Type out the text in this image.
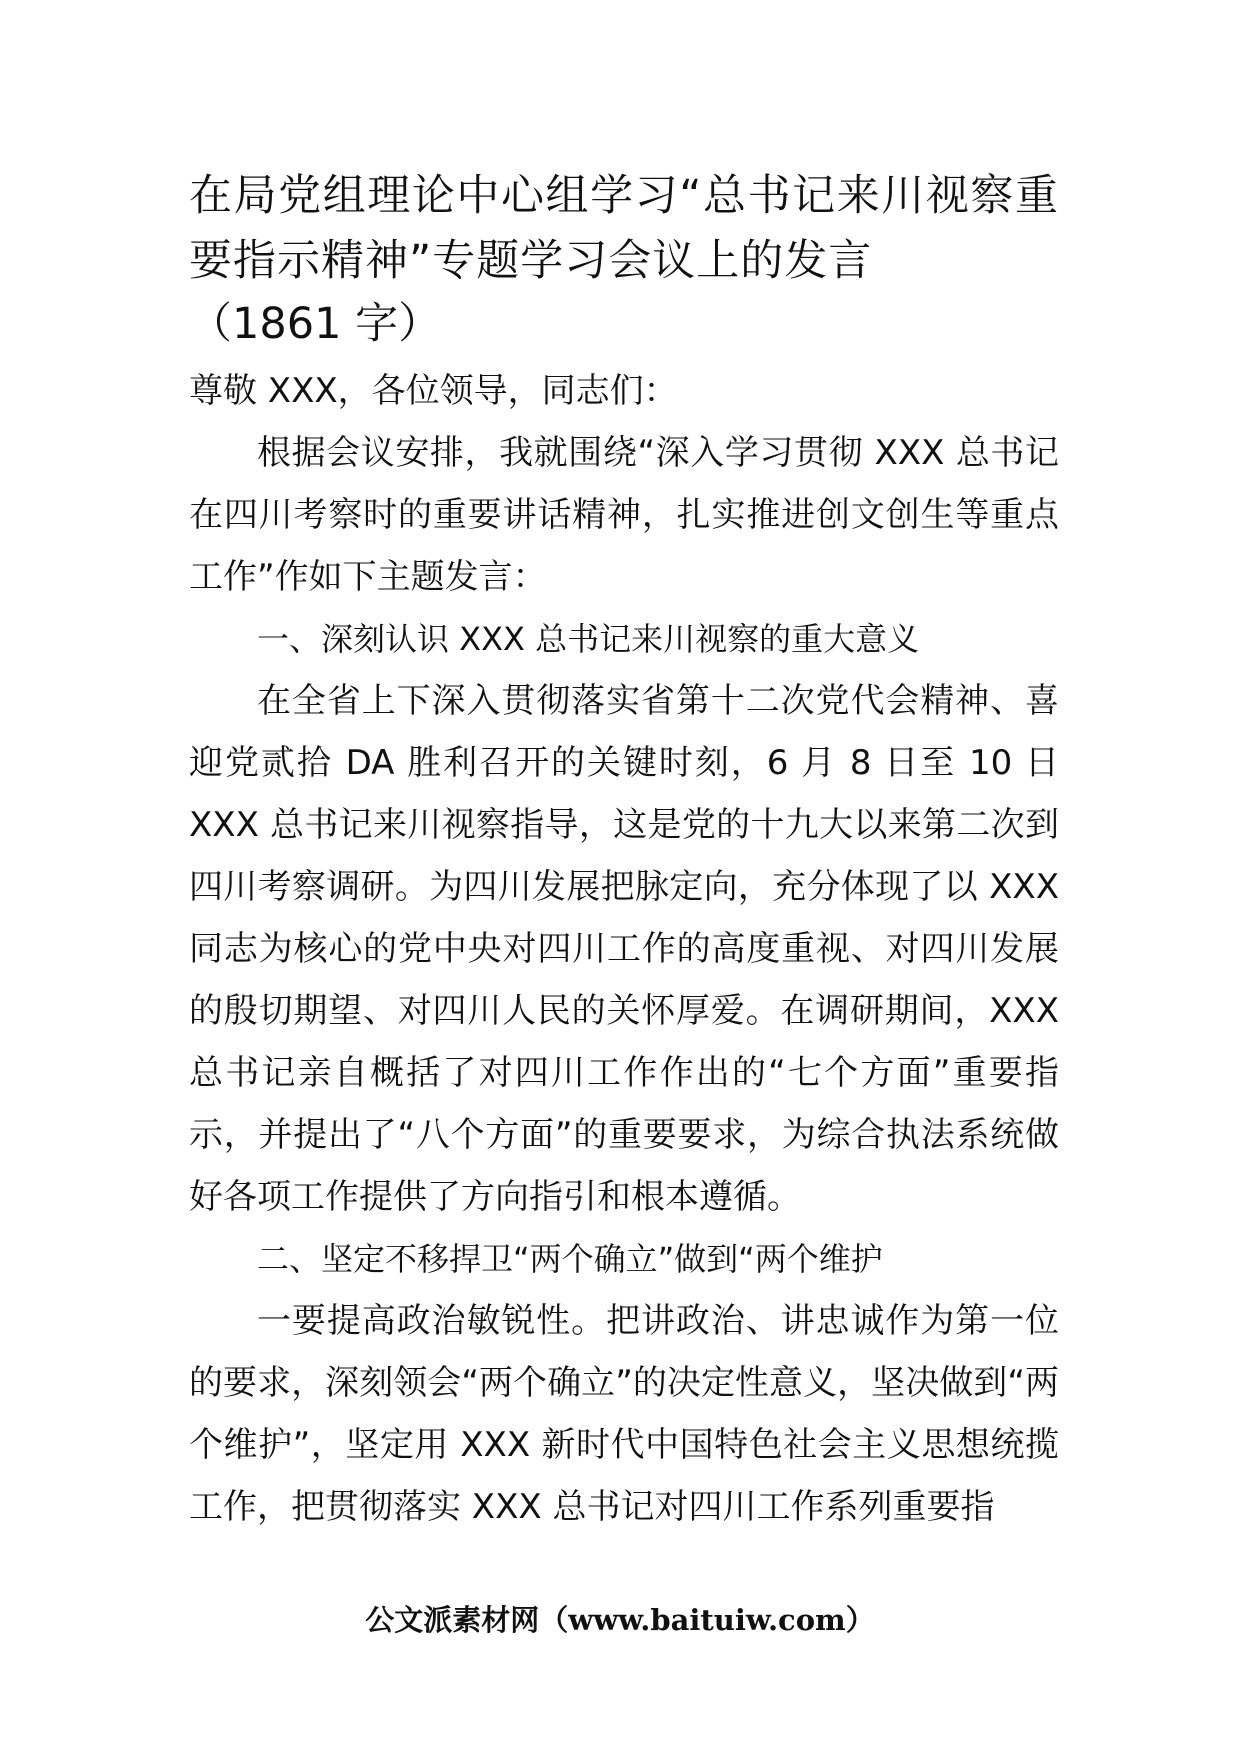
在局党组理论中心组学习“总书记来川视察重要指示精神”专题学习会议上的发言
（1861 字）

尊敬 XXX，各位领导，同志们：

根据会议安排，我就围绕“深入学习贯彻 XXX 总书记在四川考察时的重要讲话精神，扎实推进创文创生等重点工作”作如下主题发言：

一、深刻认识 XXX 总书记来川视察的重大意义

在全省上下深入贯彻落实省第十二次党代会精神、喜迎党贰拾 DA 胜利召开的关键时刻，6 月 8 日至 10 日 XXX 总书记来川视察指导，这是党的十九大以来第二次到四川考察调研。为四川发展把脉定向，充分体现了以 XXX 同志为核心的党中央对四川工作的高度重视、对四川发展的殷切期望、对四川人民的关怀厚爱。在调研期间，XXX 总书记亲自概括了对四川工作作出的“七个方面”重要指示，并提出了“八个方面”的重要要求，为综合执法系统做好各项工作提供了方向指引和根本遵循。

二、坚定不移捍卫“两个确立”做到“两个维护

一要提高政治敏锐性。把讲政治、讲忠诚作为第一位的要求，深刻领会“两个确立”的决定性意义，坚决做到“两个维护”，坚定用 XXX 新时代中国特色社会主义思想统揽工作，把贯彻落实 XXX 总书记对四川工作系列重要指

公文派素材网（www.baituiw.com）
